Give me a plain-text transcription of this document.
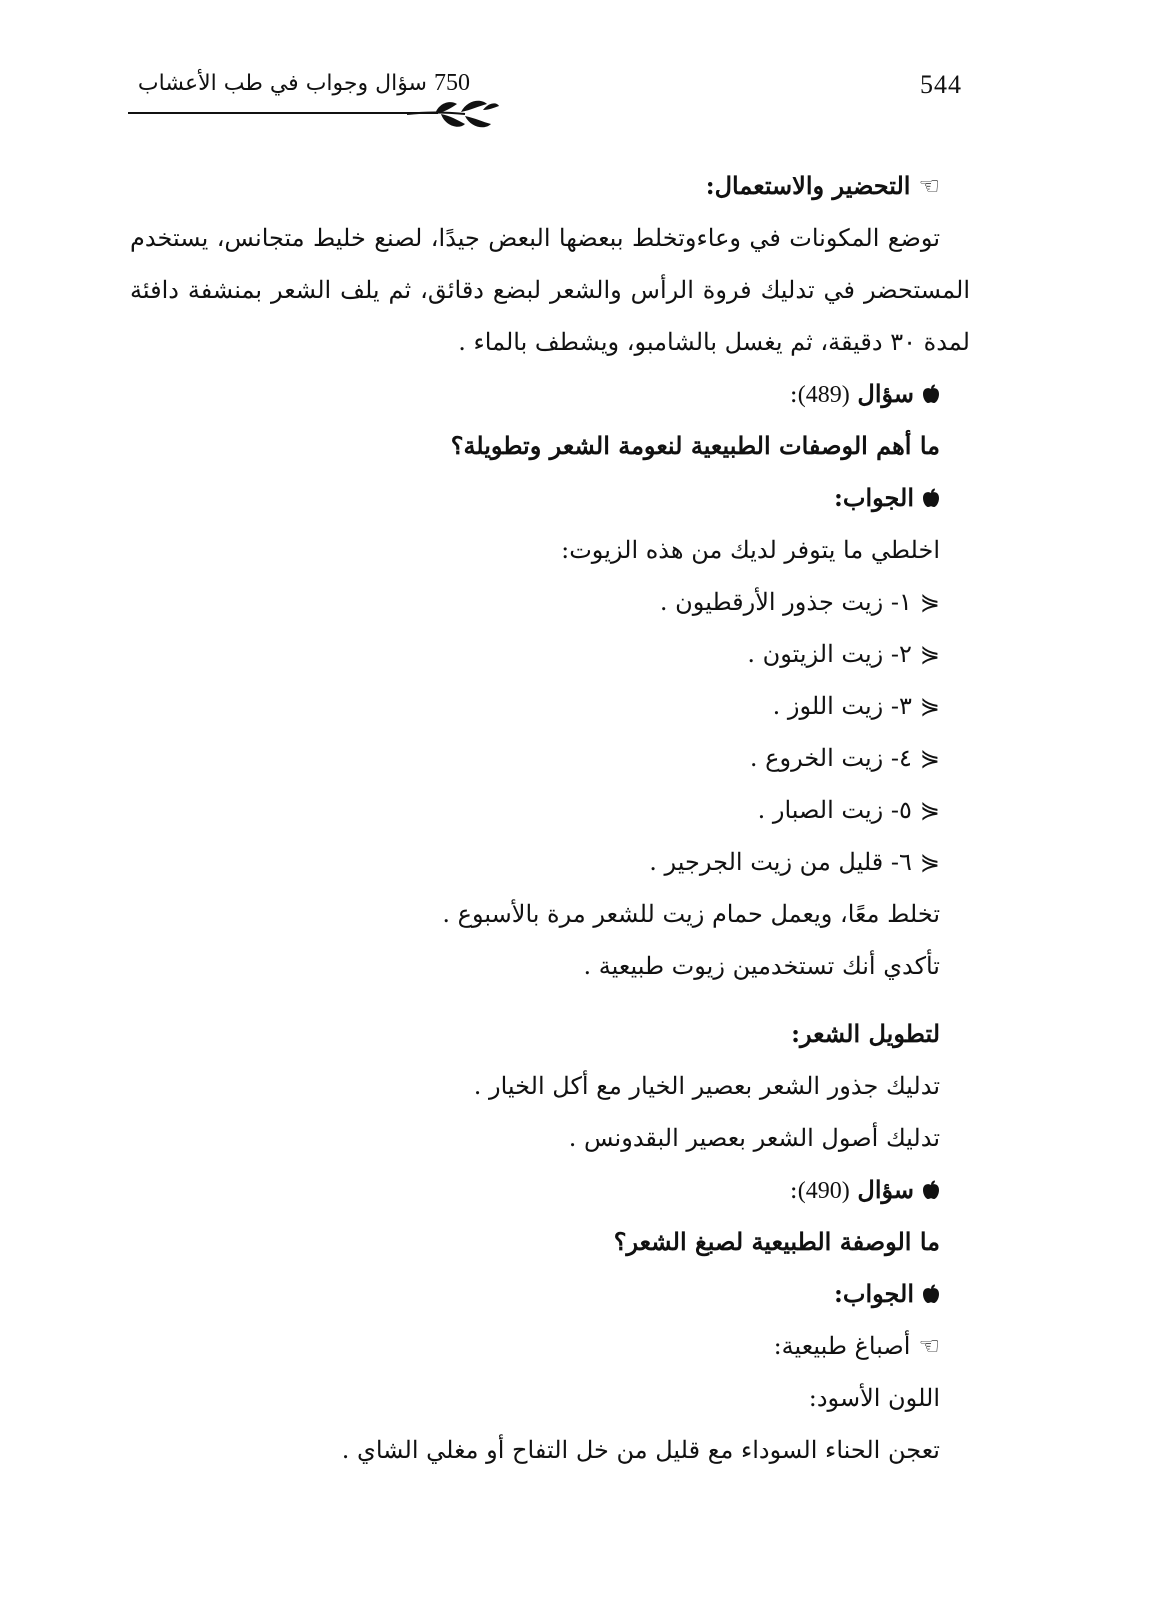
544
750 سؤال وجواب في طب الأعشاب
☜التحضير والاستعمال:
توضع المكونات في وعاءوتخلط ببعضها البعض جيدًا، لصنع خليط متجانس، يستخدم المستحضر في تدليك فروة الرأس والشعر لبضع دقائق، ثم يلف الشعر بمنشفة دافئة لمدة ٣٠ دقيقة، ثم يغسل بالشامبو، ويشطف بالماء .
سؤال (489):
ما أهم الوصفات الطبيعية لنعومة الشعر وتطويلة؟
الجواب:
اخلطي ما يتوفر لديك من هذه الزيوت:
⋞١- زيت جذور الأرقطيون .
⋞٢- زيت الزيتون .
⋞٣- زيت اللوز .
⋞٤- زيت الخروع .
⋞٥- زيت الصبار .
⋞٦- قليل من زيت الجرجير .
تخلط معًا، ويعمل حمام زيت للشعر مرة بالأسبوع .
تأكدي أنك تستخدمين زيوت طبيعية .
لتطويل الشعر:
تدليك جذور الشعر بعصير الخيار مع أكل الخيار .
تدليك أصول الشعر بعصير البقدونس .
سؤال (490):
ما الوصفة الطبيعية لصبغ الشعر؟
الجواب:
☜أصباغ طبيعية:
اللون الأسود:
تعجن الحناء السوداء مع قليل من خل التفاح أو مغلي الشاي .
